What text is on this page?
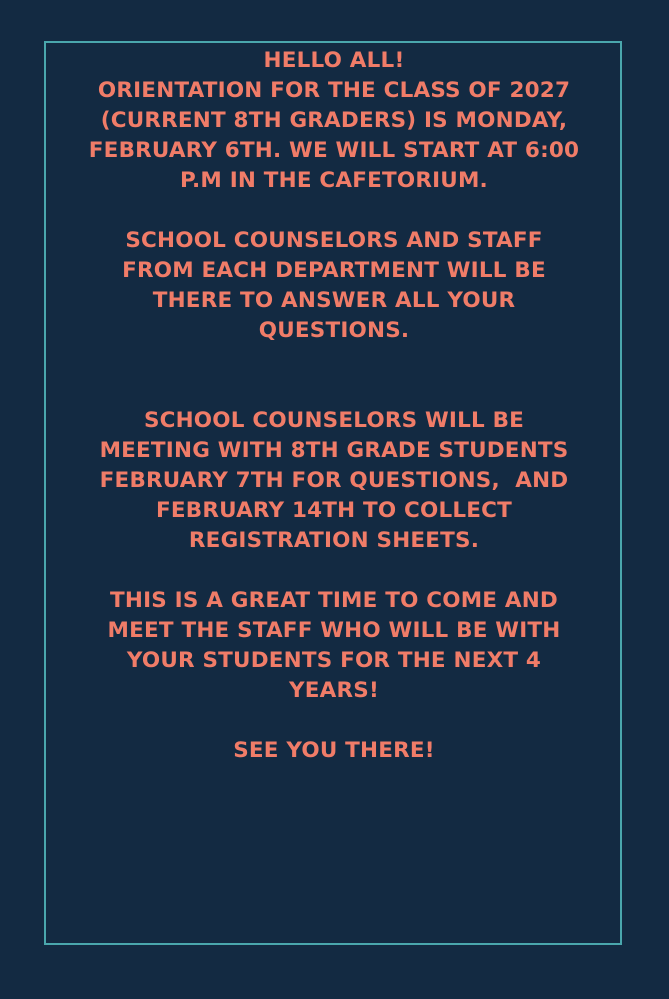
HELLO ALL!
ORIENTATION FOR THE CLASS OF 2027
(CURRENT 8TH GRADERS) IS MONDAY,
FEBRUARY 6TH. WE WILL START AT 6:00
P.M IN THE CAFETORIUM.
SCHOOL COUNSELORS AND STAFF
FROM EACH DEPARTMENT WILL BE
THERE TO ANSWER ALL YOUR
QUESTIONS.
SCHOOL COUNSELORS WILL BE
MEETING WITH 8TH GRADE STUDENTS
FEBRUARY 7TH FOR QUESTIONS,  AND
FEBRUARY 14TH TO COLLECT
REGISTRATION SHEETS.
THIS IS A GREAT TIME TO COME AND
MEET THE STAFF WHO WILL BE WITH
YOUR STUDENTS FOR THE NEXT 4
YEARS!
SEE YOU THERE!
